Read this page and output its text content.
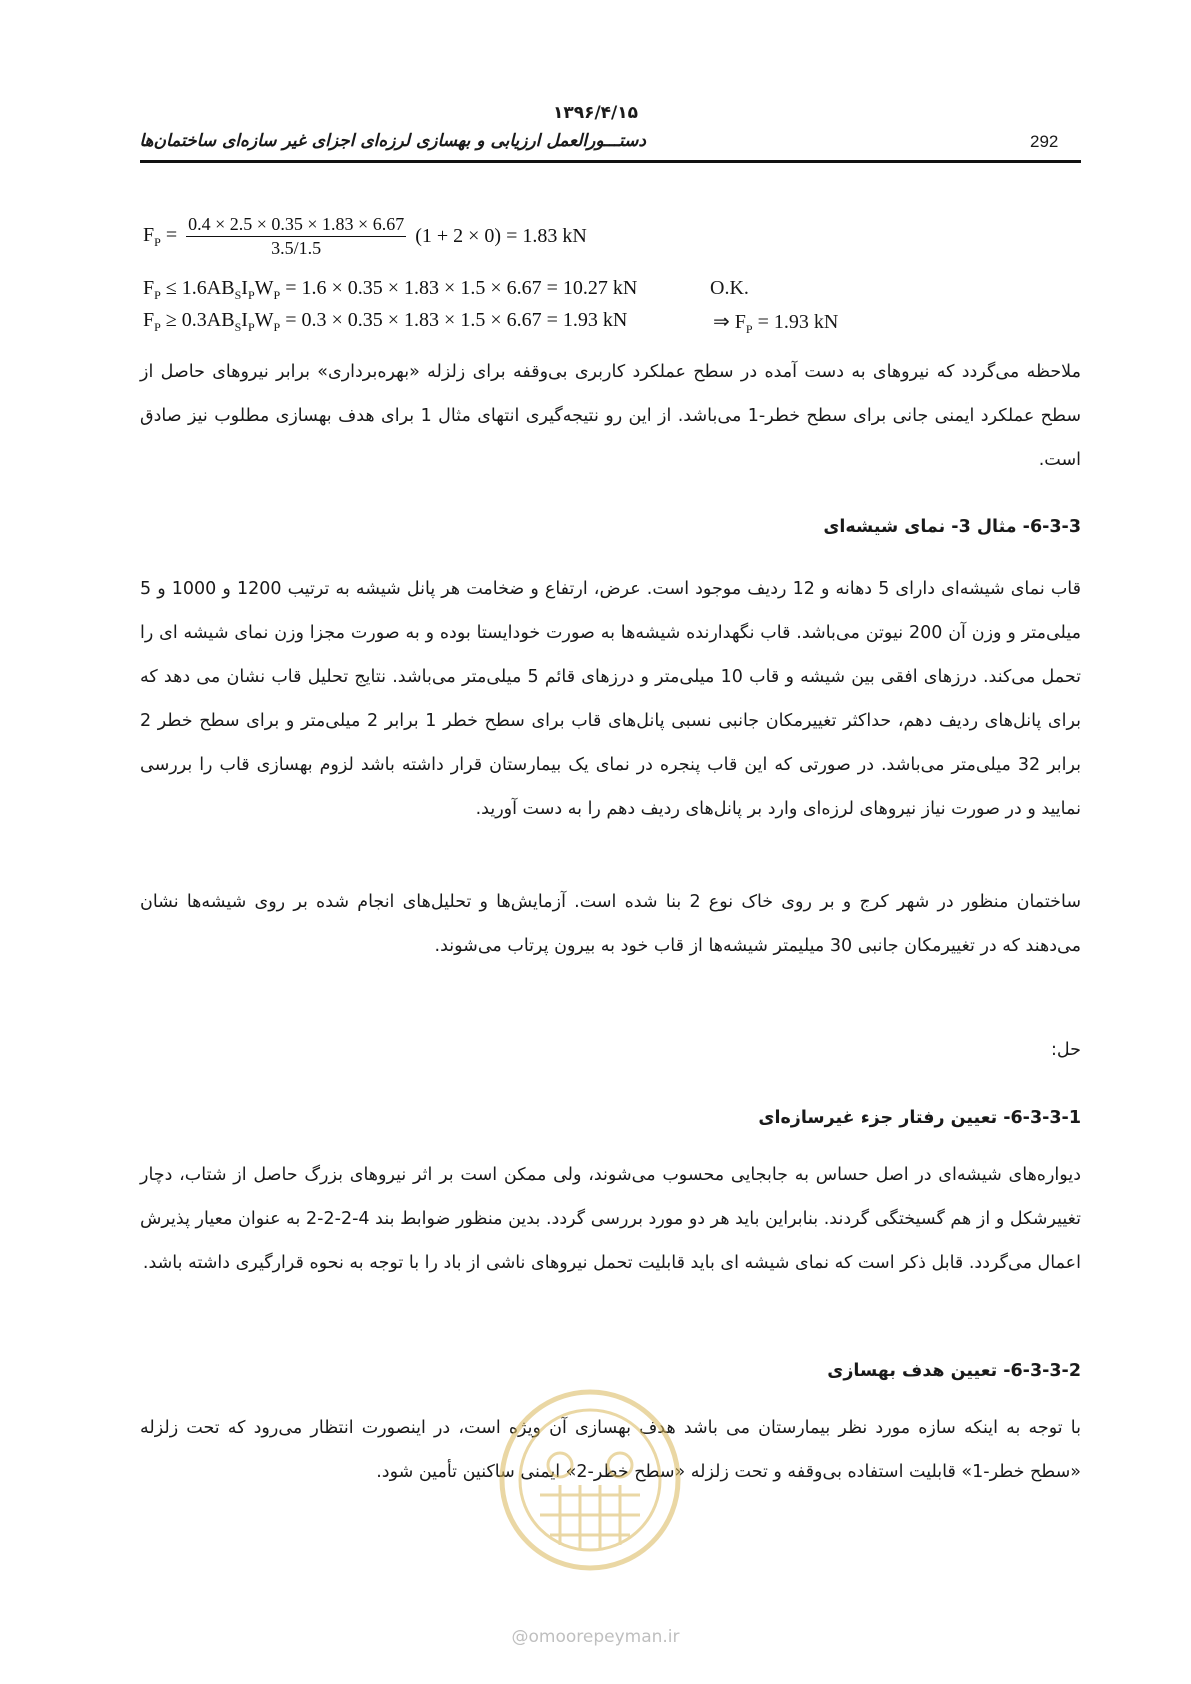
۱۳۹۶/۴/۱۵
دستـــورالعمل ارزیابی و بهسازی لرزه‌ای اجزای غیر سازه‌ای ساختمان‌ها	292
$F_P = \frac{0.4 \times 2.5 \times 0.35 \times 1.83 \times 6.67}{3.5/1.5} (1 + 2 \times 0) = 1.83$ kN
$F_P \le 1.6AB_SI_PW_P = 1.6 \times 0.35 \times 1.83 \times 1.5 \times 6.67 = 10.27$ kN	O.K.
$F_P \ge 0.3AB_SI_PW_P = 0.3 \times 0.35 \times 1.83 \times 1.5 \times 6.67 = 1.93$ kN	⇒ $F_P = 1.93$ kN
ملاحظه می‌گردد که نیروهای به دست آمده در سطح عملکرد کاربری بی‌وقفه برای زلزله «بهره‌برداری» برابر نیروهای حاصل از سطح عملکرد ایمنی جانی برای سطح خطر-1 می‌باشد. از این رو نتیجه‌گیری انتهای مثال 1 برای هدف بهسازی مطلوب نیز صادق است.
6-3-3- مثال 3- نمای شیشه‌ای
قاب نمای شیشه‌ای دارای 5 دهانه و 12 ردیف موجود است. عرض، ارتفاع و ضخامت هر پانل شیشه به ترتیب 1200 و 1000 و 5 میلی‌متر و وزن آن 200 نیوتن می‌باشد. قاب نگهدارنده شیشه‌ها به صورت خودایستا بوده و به صورت مجزا وزن نمای شیشه ای را تحمل می‌کند. درزهای افقی بین شیشه و قاب 10 میلی‌متر و درزهای قائم 5 میلی‌متر می‌باشد. نتایج تحلیل قاب نشان می دهد که برای پانل‌های ردیف دهم، حداکثر تغییرمکان جانبی نسبی پانل‌های قاب برای سطح خطر 1 برابر 2 میلی‌متر و برای سطح خطر 2 برابر 32 میلی‌متر می‌باشد. در صورتی که این قاب پنجره در نمای یک بیمارستان قرار داشته باشد لزوم بهسازی قاب را بررسی نمایید و در صورت نیاز نیروهای لرزه‌ای وارد بر پانل‌های ردیف دهم را به دست آورید.
ساختمان منظور در شهر کرج و بر روی خاک نوع 2 بنا شده است. آزمایش‌ها و تحلیل‌های انجام شده بر روی شیشه‌ها نشان می‌دهند که در تغییرمکان جانبی 30 میلیمتر شیشه‌ها از قاب خود به بیرون پرتاب می‌شوند.
حل:
6-3-3-1- تعیین رفتار جزء غیرسازه‌ای
دیواره‌های شیشه‌ای در اصل حساس به جابجایی محسوب می‌شوند، ولی ممکن است بر اثر نیروهای بزرگ حاصل از شتاب، دچار تغییرشکل و از هم گسیختگی گردند. بنابراین باید هر دو مورد بررسی گردد. بدین منظور ضوابط بند 4-2-2-2 به عنوان معیار پذیرش اعمال می‌گردد. قابل ذکر است که نمای شیشه ای باید قابلیت تحمل نیروهای ناشی از باد را با توجه به نحوه قرارگیری داشته باشد.
6-3-3-2- تعیین هدف بهسازی
با توجه به اینکه سازه مورد نظر بیمارستان می باشد هدف بهسازی آن ویژه است، در اینصورت انتظار می‌رود که تحت زلزله «سطح خطر-1» قابلیت استفاده بی‌وقفه و تحت زلزله «سطح خطر-2» ایمنی ساکنین تأمین شود.
@omoorepeyman.ir
